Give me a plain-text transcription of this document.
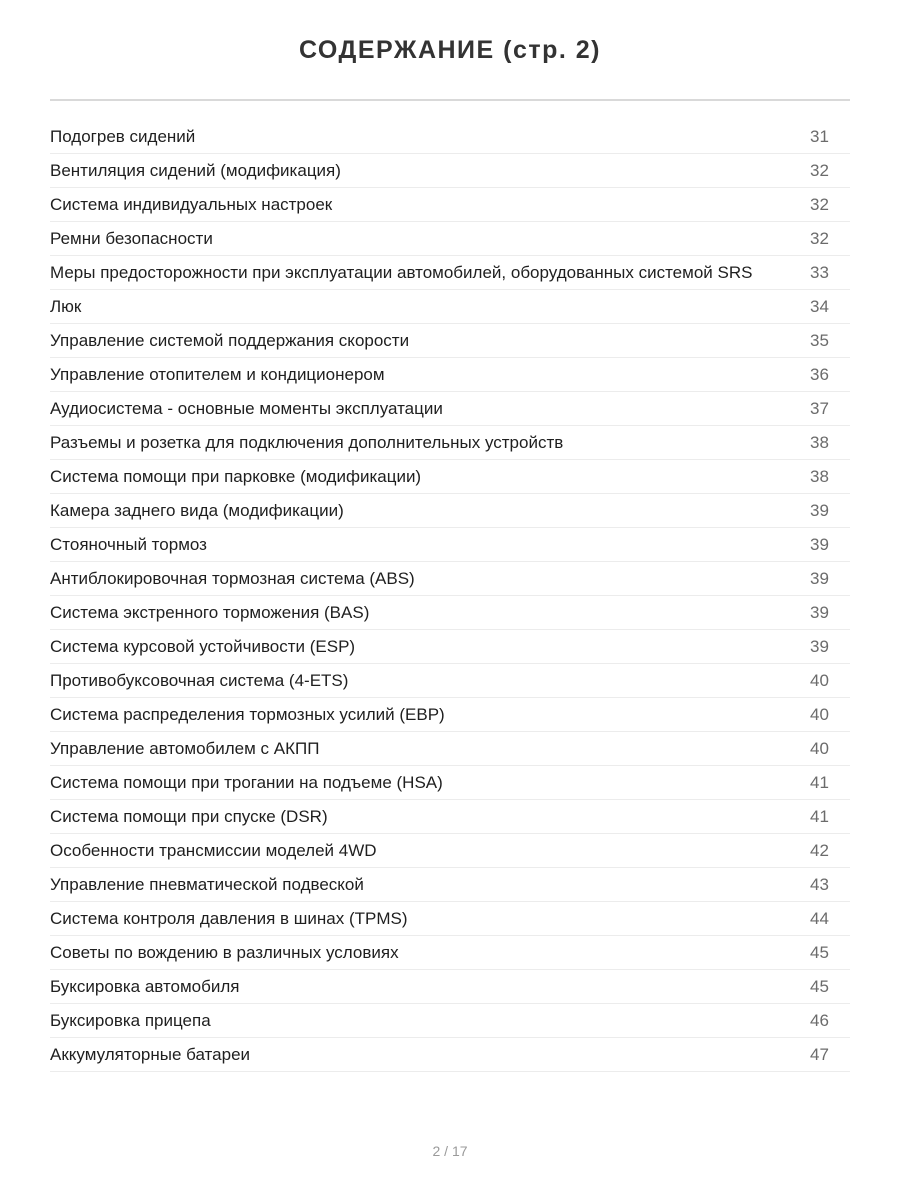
СОДЕРЖАНИЕ (стр. 2)
Подогрев сидений	31
Вентиляция сидений (модификация)	32
Система индивидуальных настроек	32
Ремни безопасности	32
Меры предосторожности при эксплуатации автомобилей, оборудованных системой SRS	33
Люк	34
Управление системой поддержания скорости	35
Управление отопителем и кондиционером	36
Аудиосистема - основные моменты эксплуатации	37
Разъемы и розетка для подключения дополнительных устройств	38
Система помощи при парковке (модификации)	38
Камера заднего вида (модификации)	39
Стояночный тормоз	39
Антиблокировочная тормозная система (ABS)	39
Система экстренного торможения (BAS)	39
Система курсовой устойчивости (ESP)	39
Противобуксовочная система (4-ETS)	40
Система распределения тормозных усилий (EBP)	40
Управление автомобилем с АКПП	40
Система помощи при трогании на подъеме (HSA)	41
Система помощи при спуске (DSR)	41
Особенности трансмиссии моделей 4WD	42
Управление пневматической подвеской	43
Система контроля давления в шинах (TPMS)	44
Советы по вождению в различных условиях	45
Буксировка автомобиля	45
Буксировка прицепа	46
Аккумуляторные батареи	47
2 / 17
